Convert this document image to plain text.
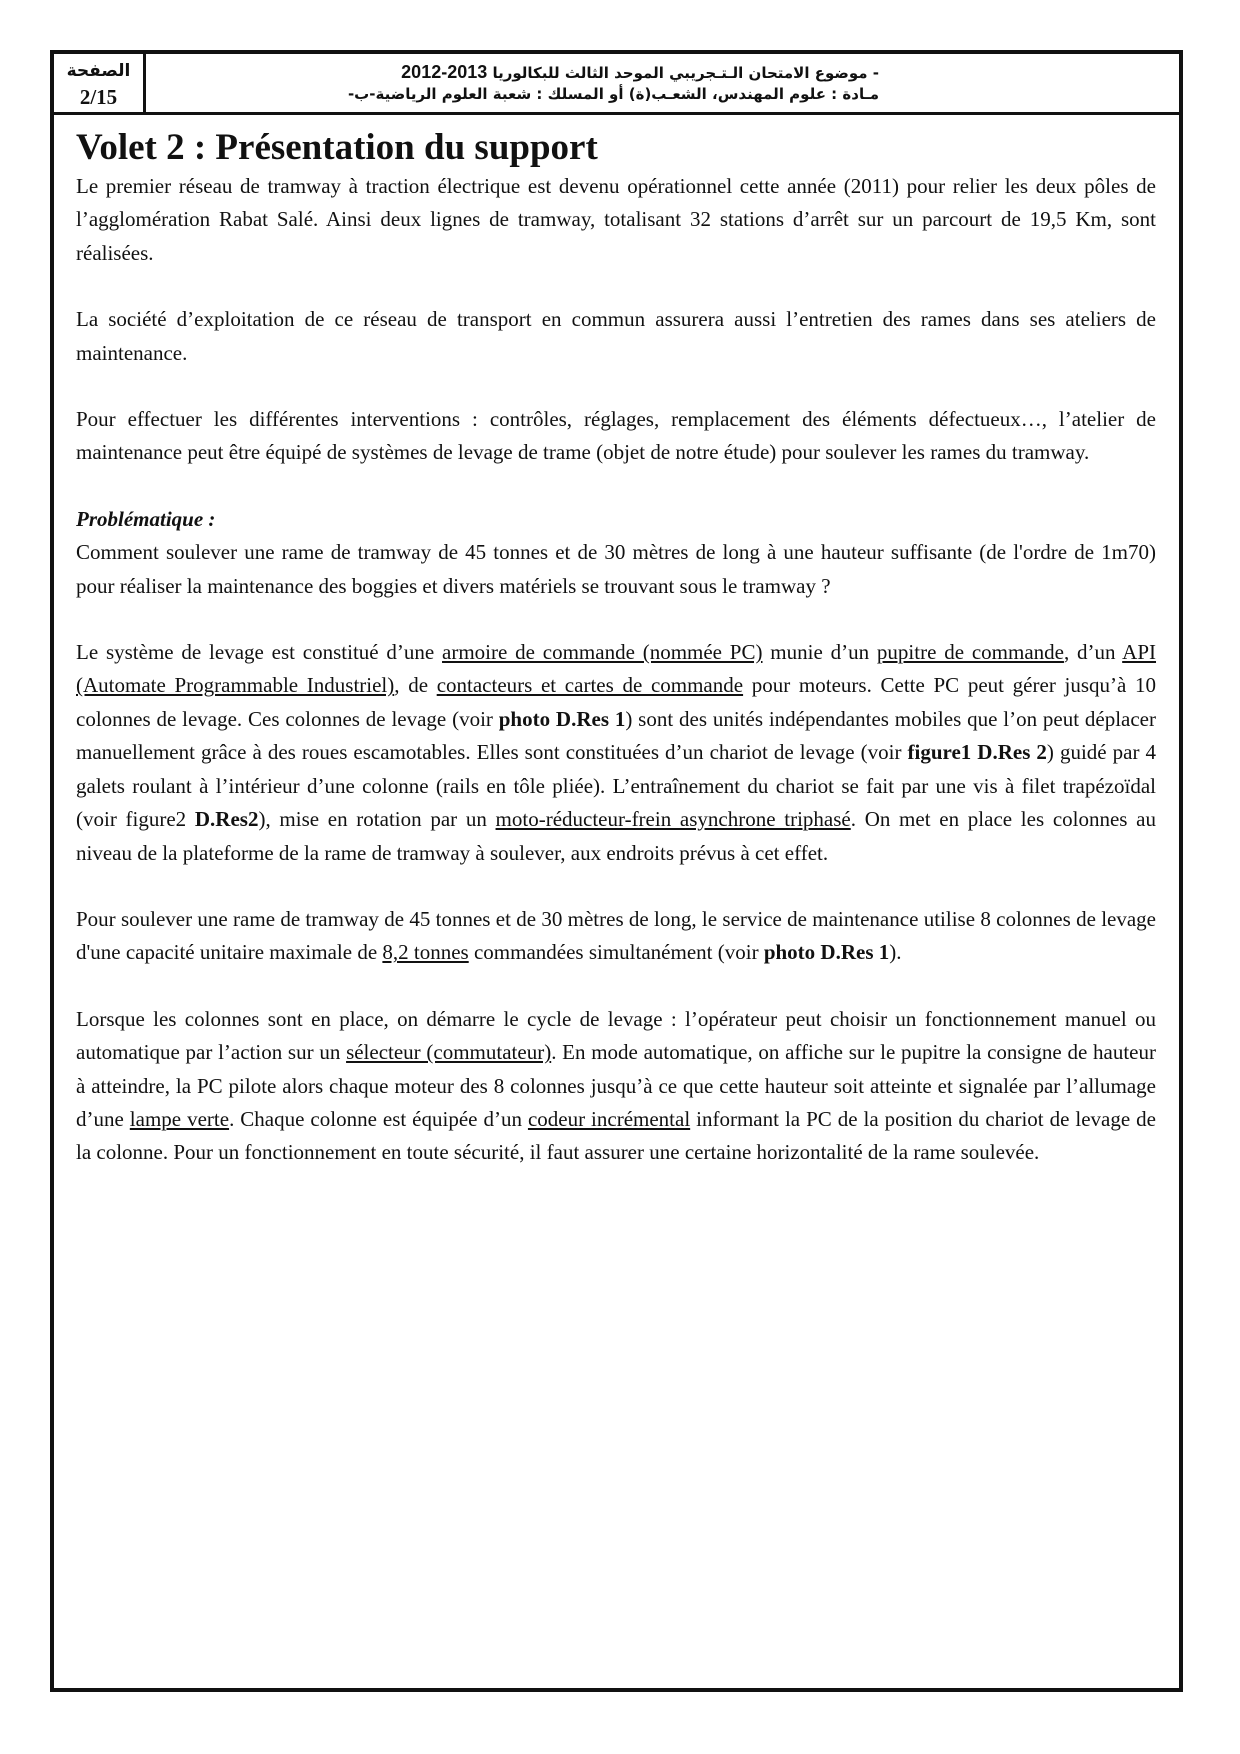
الصفحة
2/15
- موضوع الامتحان الـتـجريبي الموحد الثالث للبكالوريا 2012-2013
مـادة : علوم المهندس، الشعـب(ة) أو المسلك : شعبة العلوم الرياضية-ب-
Volet 2 : Présentation du support

Le premier réseau de tramway à traction électrique est devenu opérationnel cette année (2011) pour relier les deux pôles de l’agglomération Rabat Salé. Ainsi deux lignes de tramway, totalisant 32 stations d’arrêt sur un parcourt de 19,5 Km, sont réalisées.

La société d’exploitation de ce réseau de transport en commun assurera aussi l’entretien des rames dans ses ateliers de maintenance.

Pour effectuer les différentes interventions : contrôles, réglages, remplacement des éléments défectueux…, l’atelier de maintenance peut être équipé de systèmes de levage de trame (objet de notre étude) pour soulever les rames du tramway.

Problématique :

Comment soulever une rame de tramway de 45 tonnes et de 30 mètres de long à une hauteur suffisante (de l'ordre de 1m70) pour réaliser la maintenance des boggies et divers matériels se trouvant sous le tramway ?

Le système de levage est constitué d’une armoire de commande (nommée PC) munie d’un pupitre de commande, d’un API (Automate Programmable Industriel), de contacteurs et cartes de commande pour moteurs. Cette PC peut gérer jusqu’à 10 colonnes de levage. Ces colonnes de levage (voir photo D.Res 1) sont des unités indépendantes mobiles que l’on peut déplacer manuellement grâce à des roues escamotables. Elles sont constituées d’un chariot de levage (voir figure1 D.Res 2) guidé par 4 galets roulant à l’intérieur d’une colonne (rails en tôle pliée). L’entraînement du chariot se fait par une vis à filet trapézoïdal (voir figure2 D.Res2), mise en rotation par un moto-réducteur-frein asynchrone triphasé. On met en place les colonnes au niveau de la plateforme de la rame de tramway à soulever, aux endroits prévus à cet effet.

Pour soulever une rame de tramway de 45 tonnes et de 30 mètres de long, le service de maintenance utilise 8 colonnes de levage d'une capacité unitaire maximale de 8,2 tonnes commandées simultanément (voir photo D.Res 1).

Lorsque les colonnes sont en place, on démarre le cycle de levage : l’opérateur peut choisir un fonctionnement manuel ou automatique par l’action sur un sélecteur (commutateur). En mode automatique, on affiche sur le pupitre la consigne de hauteur à atteindre, la PC pilote alors chaque moteur des 8 colonnes jusqu’à ce que cette hauteur soit atteinte et signalée par l’allumage d’une lampe verte. Chaque colonne est équipée d’un codeur incrémental informant la PC de la position du chariot de levage de la colonne. Pour un fonctionnement en toute sécurité, il faut assurer une certaine horizontalité de la rame soulevée.
